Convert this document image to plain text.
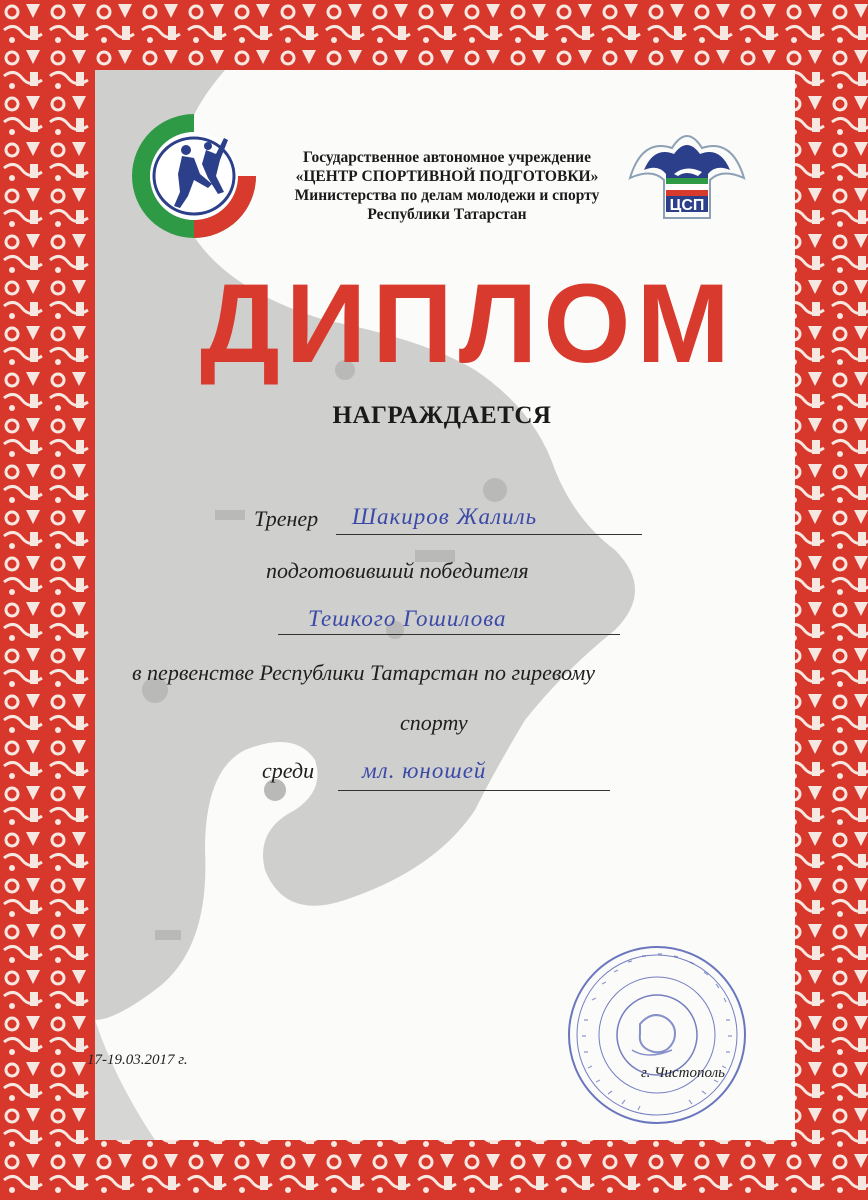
ЦСП
Государственное автономное учреждение
«ЦЕНТР СПОРТИВНОЙ ПОДГОТОВКИ»
Министерства по делам молодежи и спорту
Республики Татарстан
ДИПЛОМ
НАГРАЖДАЕТСЯ
Тренер Шакиров Жалиль
подготовивший победителя
Тешкого Гошилова
в первенстве Республики Татарстан по гиревому
спорту
среди мл. юношей
17-19.03.2017 г.
г. Чистополь
